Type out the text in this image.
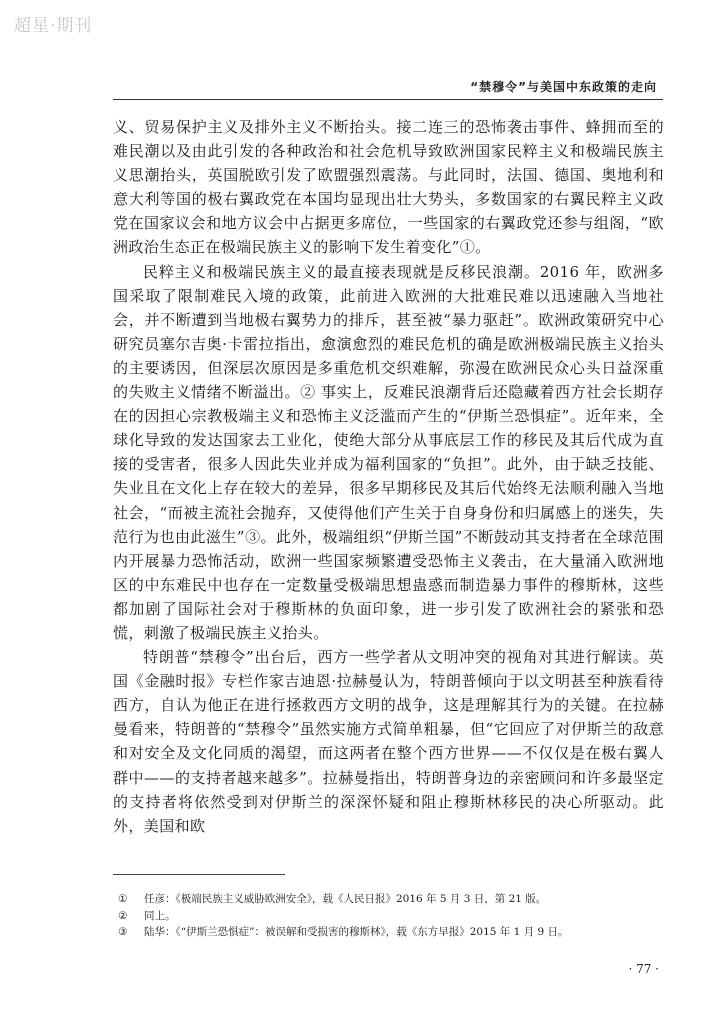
超星·期刊
“禁穆令”与美国中东政策的走向

义、贸易保护主义及排外主义不断抬头。接二连三的恐怖袭击事件、蜂拥而至的难民潮以及由此引发的各种政治和社会危机导致欧洲国家民粹主义和极端民族主义思潮抬头，英国脱欧引发了欧盟强烈震荡。与此同时，法国、德国、奥地利和意大利等国的极右翼政党在本国均显现出壮大势头，多数国家的右翼民粹主义政党在国家议会和地方议会中占据更多席位，一些国家的右翼政党还参与组阁，“欧洲政治生态正在极端民族主义的影响下发生着变化”①。

民粹主义和极端民族主义的最直接表现就是反移民浪潮。2016 年，欧洲多国采取了限制难民入境的政策，此前进入欧洲的大批难民难以迅速融入当地社会，并不断遭到当地极右翼势力的排斥，甚至被“暴力驱赶”。欧洲政策研究中心研究员塞尔吉奥·卡雷拉指出，愈演愈烈的难民危机的确是欧洲极端民族主义抬头的主要诱因，但深层次原因是多重危机交织难解，弥漫在欧洲民众心头日益深重的失败主义情绪不断溢出。② 事实上，反难民浪潮背后还隐藏着西方社会长期存在的因担心宗教极端主义和恐怖主义泛滥而产生的“伊斯兰恐惧症”。近年来，全球化导致的发达国家去工业化，使绝大部分从事底层工作的移民及其后代成为直接的受害者，很多人因此失业并成为福利国家的“负担”。此外，由于缺乏技能、失业且在文化上存在较大的差异，很多早期移民及其后代始终无法顺利融入当地社会，“而被主流社会抛弃，又使得他们产生关于自身身份和归属感上的迷失，失范行为也由此滋生”③。此外，极端组织“伊斯兰国”不断鼓动其支持者在全球范围内开展暴力恐怖活动，欧洲一些国家频繁遭受恐怖主义袭击，在大量涌入欧洲地区的中东难民中也存在一定数量受极端思想蛊惑而制造暴力事件的穆斯林，这些都加剧了国际社会对于穆斯林的负面印象，进一步引发了欧洲社会的紧张和恐慌，刺激了极端民族主义抬头。

特朗普“禁穆令”出台后，西方一些学者从文明冲突的视角对其进行解读。英国《金融时报》专栏作家吉迪恩·拉赫曼认为，特朗普倾向于以文明甚至种族看待西方，自认为他正在进行拯救西方文明的战争，这是理解其行为的关键。在拉赫曼看来，特朗普的“禁穆令”虽然实施方式简单粗暴，但“它回应了对伊斯兰的敌意和对安全及文化同质的渴望，而这两者在整个西方世界——不仅仅是在极右翼人群中——的支持者越来越多”。拉赫曼指出，特朗普身边的亲密顾问和许多最坚定的支持者将依然受到对伊斯兰的深深怀疑和阻止穆斯林移民的决心所驱动。此外，美国和欧

①	任彦：《极端民族主义威胁欧洲安全》，载《人民日报》2016 年 5 月 3 日，第 21 版。
②	同上。
③	陆华：《“伊斯兰恐惧症”：被误解和受损害的穆斯林》，载《东方早报》2015 年 1 月 9 日。
· 77 ·
